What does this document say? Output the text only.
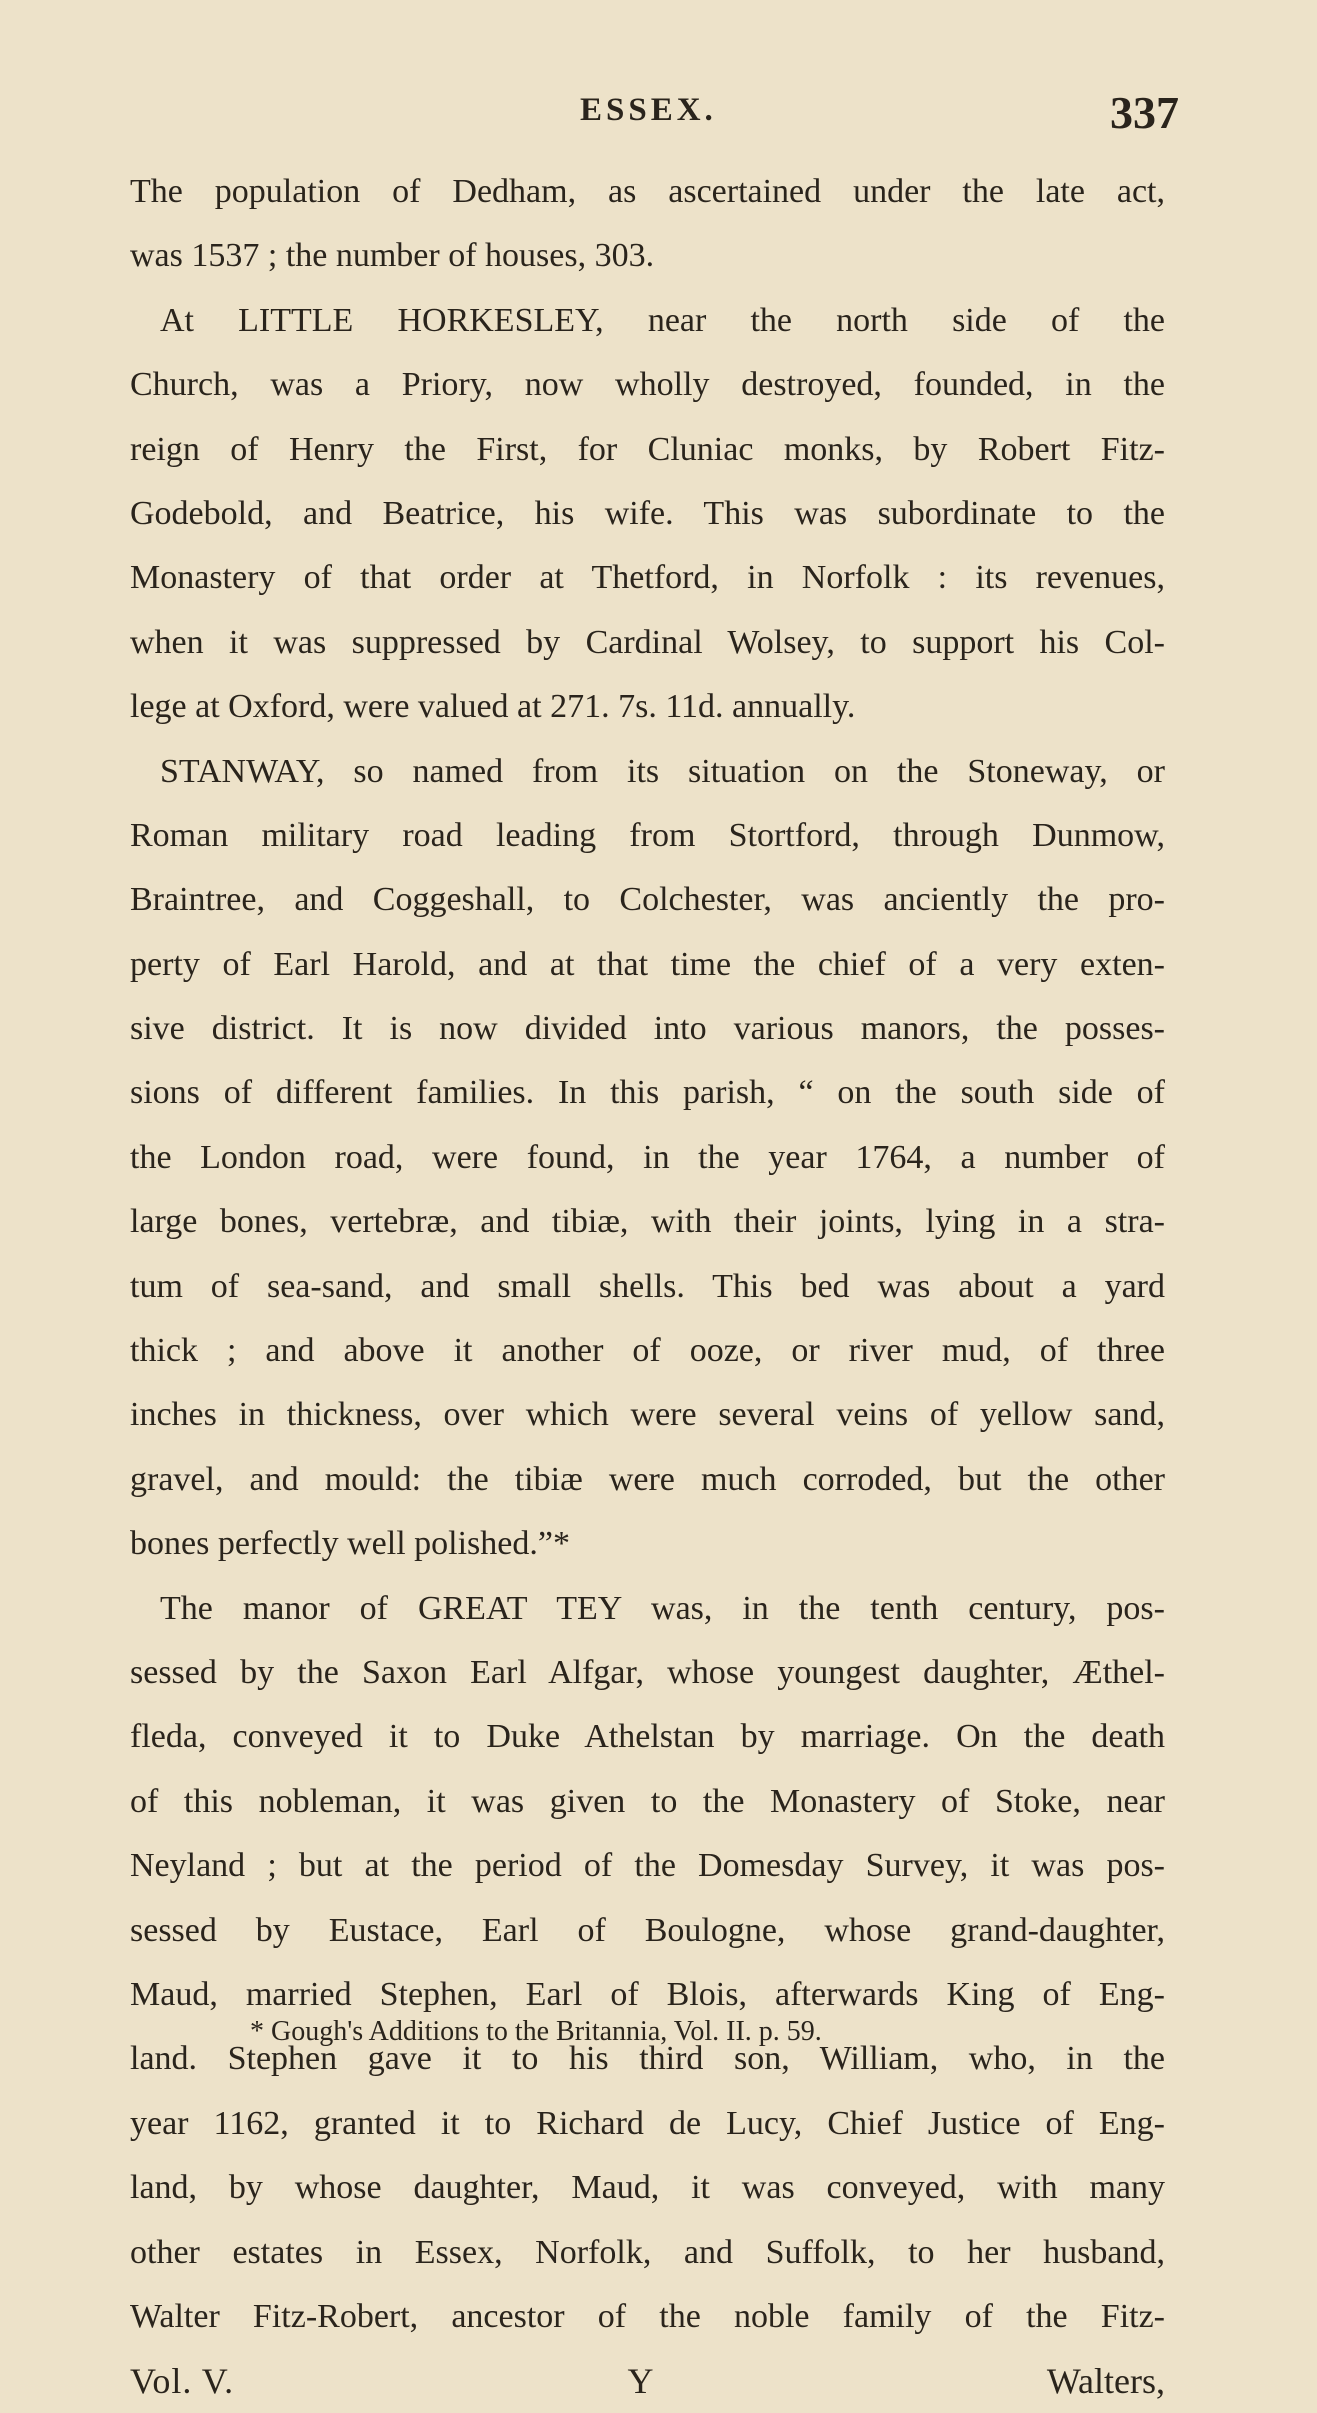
ESSEX.	337
The population of Dedham, as ascertained under the late act,
was 1537 ; the number of houses, 303.
At LITTLE HORKESLEY, near the north side of the
Church, was a Priory, now wholly destroyed, founded, in the
reign of Henry the First, for Cluniac monks, by Robert Fitz-
Godebold, and Beatrice, his wife. This was subordinate to the
Monastery of that order at Thetford, in Norfolk : its revenues,
when it was suppressed by Cardinal Wolsey, to support his Col-
lege at Oxford, were valued at 271. 7s. 11d. annually.
STANWAY, so named from its situation on the Stoneway, or
Roman military road leading from Stortford, through Dunmow,
Braintree, and Coggeshall, to Colchester, was anciently the pro-
perty of Earl Harold, and at that time the chief of a very exten-
sive district. It is now divided into various manors, the posses-
sions of different families. In this parish, “ on the south side of
the London road, were found, in the year 1764, a number of
large bones, vertebræ, and tibiæ, with their joints, lying in a stra-
tum of sea-sand, and small shells. This bed was about a yard
thick ; and above it another of ooze, or river mud, of three
inches in thickness, over which were several veins of yellow sand,
gravel, and mould: the tibiæ were much corroded, but the other
bones perfectly well polished.”*
The manor of GREAT TEY was, in the tenth century, pos-
sessed by the Saxon Earl Alfgar, whose youngest daughter, Æthel-
fleda, conveyed it to Duke Athelstan by marriage. On the death
of this nobleman, it was given to the Monastery of Stoke, near
Neyland ; but at the period of the Domesday Survey, it was pos-
sessed by Eustace, Earl of Boulogne, whose grand-daughter,
Maud, married Stephen, Earl of Blois, afterwards King of Eng-
land. Stephen gave it to his third son, William, who, in the
year 1162, granted it to Richard de Lucy, Chief Justice of Eng-
land, by whose daughter, Maud, it was conveyed, with many
other estates in Essex, Norfolk, and Suffolk, to her husband,
Walter Fitz-Robert, ancestor of the noble family of the Fitz-
Vol. V.	Y	Walters,
* Gough's Additions to the Britannia, Vol. II. p. 59.
